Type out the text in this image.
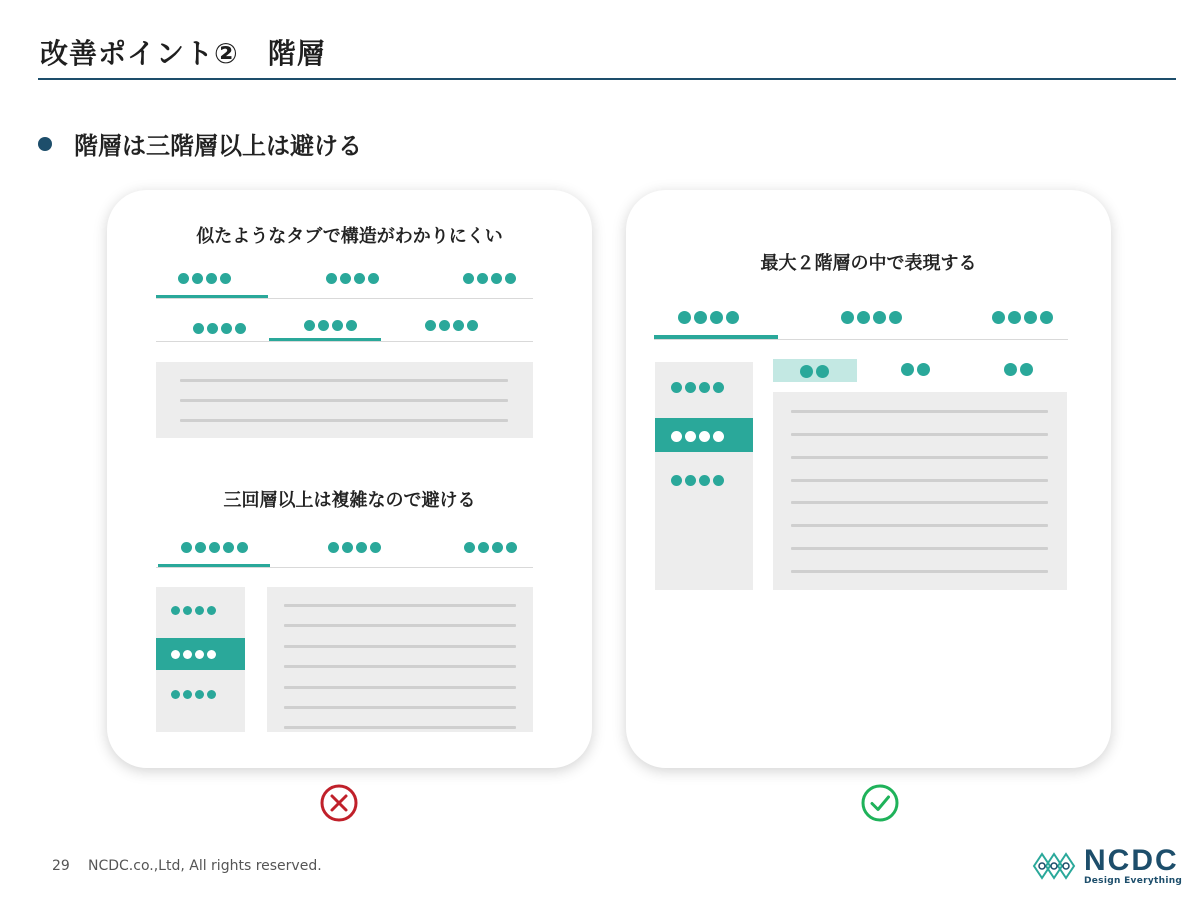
改善ポイント②　階層
階層は三階層以上は避ける
似たようなタブで構造がわかりにくい
三回層以上は複雑なので避ける
最大２階層の中で表現する
29 NCDC.co.,Ltd, All rights reserved.	NCDC
Design Everything
